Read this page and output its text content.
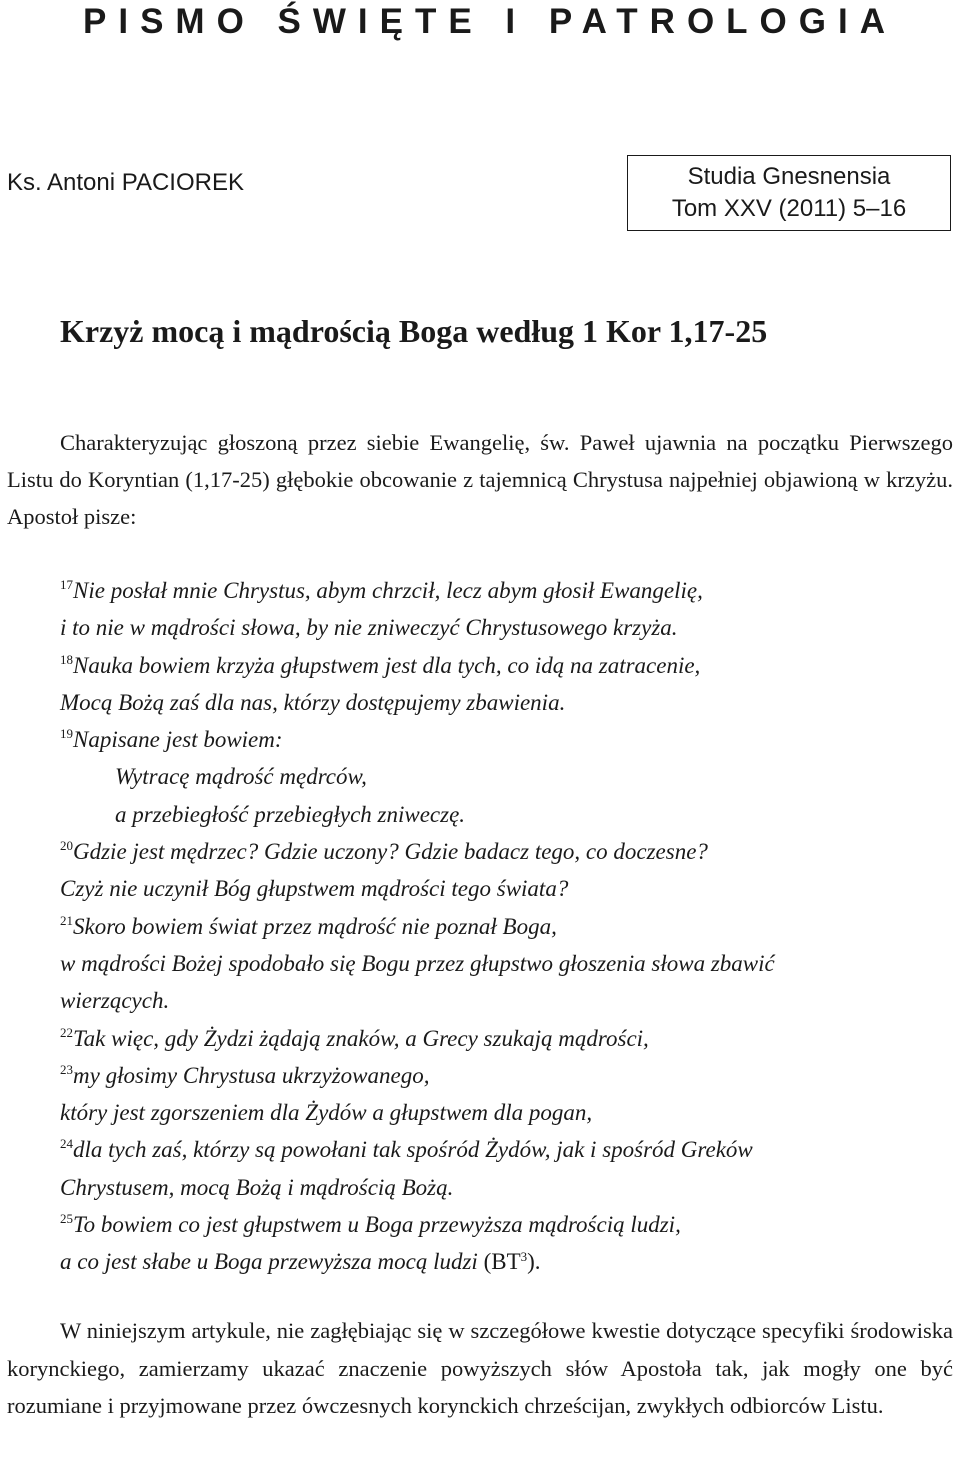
PISMO ŚWIĘTE I PATROLOGIA
Ks. Antoni PACIOREK	Studia Gnesnensia
Tom XXV (2011) 5–16
Krzyż mocą i mądrością Boga według 1 Kor 1,17-25

Charakteryzując głoszoną przez siebie Ewangelię, św. Paweł ujawnia na początku Pierwszego Listu do Koryntian (1,17-25) głębokie obcowanie z tajemnicą Chrystusa najpełniej objawioną w krzyżu. Apostoł pisze:

$^{17}$Nie posłał mnie Chrystus, abym chrzcił, lecz abym głosił Ewangelię,
i to nie w mądrości słowa, by nie zniweczyć Chrystusowego krzyża.
$^{18}$Nauka bowiem krzyża głupstwem jest dla tych, co idą na zatracenie,
Mocą Bożą zaś dla nas, którzy dostępujemy zbawienia.
$^{19}$Napisane jest bowiem:
Wytracę mądrość mędrców,
a przebiegłość przebiegłych zniweczę.
$^{20}$Gdzie jest mędrzec? Gdzie uczony? Gdzie badacz tego, co doczesne?
Czyż nie uczynił Bóg głupstwem mądrości tego świata?
$^{21}$Skoro bowiem świat przez mądrość nie poznał Boga,
w mądrości Bożej spodobało się Bogu przez głupstwo głoszenia słowa zbawić
wierzących.
$^{22}$Tak więc, gdy Żydzi żądają znaków, a Grecy szukają mądrości,
$^{23}$my głosimy Chrystusa ukrzyżowanego,
który jest zgorszeniem dla Żydów a głupstwem dla pogan,
$^{24}$dla tych zaś, którzy są powołani tak spośród Żydów, jak i spośród Greków
Chrystusem, mocą Bożą i mądrością Bożą.
$^{25}$To bowiem co jest głupstwem u Boga przewyższa mądrością ludzi,
a co jest słabe u Boga przewyższa mocą ludzi $(BT^3)$.

W niniejszym artykule, nie zagłębiając się w szczegółowe kwestie dotyczące specyfiki środowiska korynckiego, zamierzamy ukazać znaczenie powyższych słów Apostoła tak, jak mogły one być rozumiane i przyjmowane przez ówczesnych korynckich chrześcijan, zwykłych odbiorców Listu.
